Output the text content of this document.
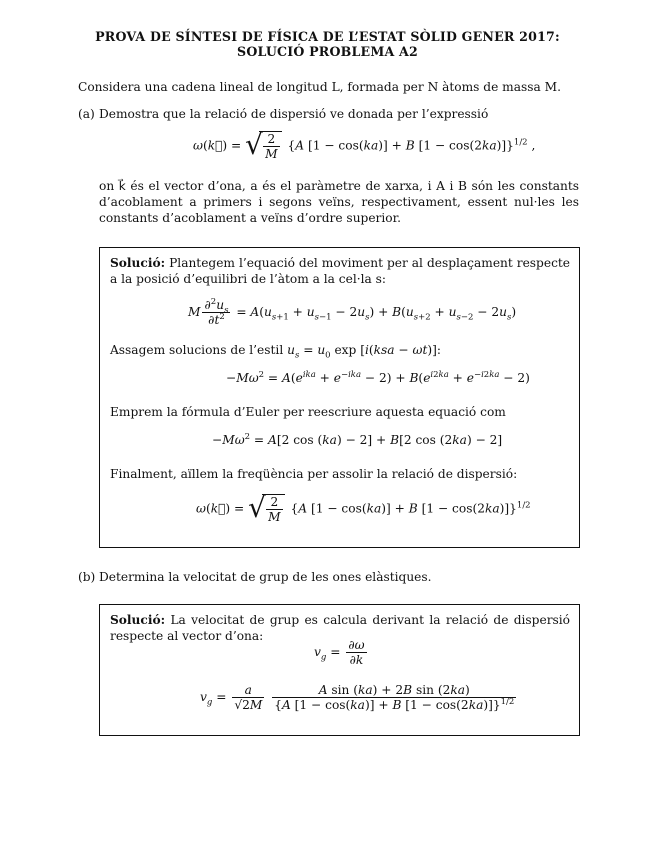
PROVA DE SÍNTESI DE FÍSICA DE L’ESTAT SÒLID GENER 2017:
SOLUCIÓ PROBLEMA A2
Considera una cadena lineal de longitud L, formada per N àtoms de massa M.
(a) Demostra que la relació de dispersió ve donada per l’expressió
ω(k⃗) = √ $\frac{2}{M} \{A$ [1 − cos(ka)] + B [1 − cos(2ka)]}$^{1/2}$ ,
on k⃗ és el vector d’ona, a és el paràmetre de xarxa, i A i B són les constants d’acoblament a primers i segons veïns, respectivament, essent nul·les les constants d’acoblament a veïns d’ordre superior.
Solució: Plantegem l’equació del moviment per al desplaçament respecte a la posició d’equilibri de l’àtom a la cel·la s:
M $\frac{\partial^2u_s}{\partial t^2} = A(u_{s+1} + u_{s-1} - 2u_s) + B(u_{s+2} + u_{s-2} - 2u_s)$
Assagem solucions de l’estil $u_s = u_0$ exp [i(ksa − ωt)]:
$-M\omega^2 = A(e^{ika} + e^{-ika} - 2) + B(e^{i2ka} + e^{-i2ka} - 2)$
Emprem la fórmula d’Euler per reescriure aquesta equació com
$-M\omega^2 = A[2$ cos (ka) − 2] + B[2 cos (2ka) − 2]
Finalment, aïllem la freqüència per assolir la relació de dispersió:
ω(k⃗) = √ $\frac{2}{M} \{A$ [1 − cos(ka)] + B [1 − cos(2ka)]}$^{1/2}$
(b) Determina la velocitat de grup de les ones elàstiques.
Solució: La velocitat de grup es calcula derivant la relació de dispersió respecte al vector d’ona:
$v_g = \frac{\partial\omega}{\partial k}$
$v_g = \frac{a}{√2M}$
$\frac{\text{A sin (ka) + 2B sin (2ka)}}{\{A [1 - \cos(ka)] + B [1 - \cos(2ka)]\}^{1/2}}$
